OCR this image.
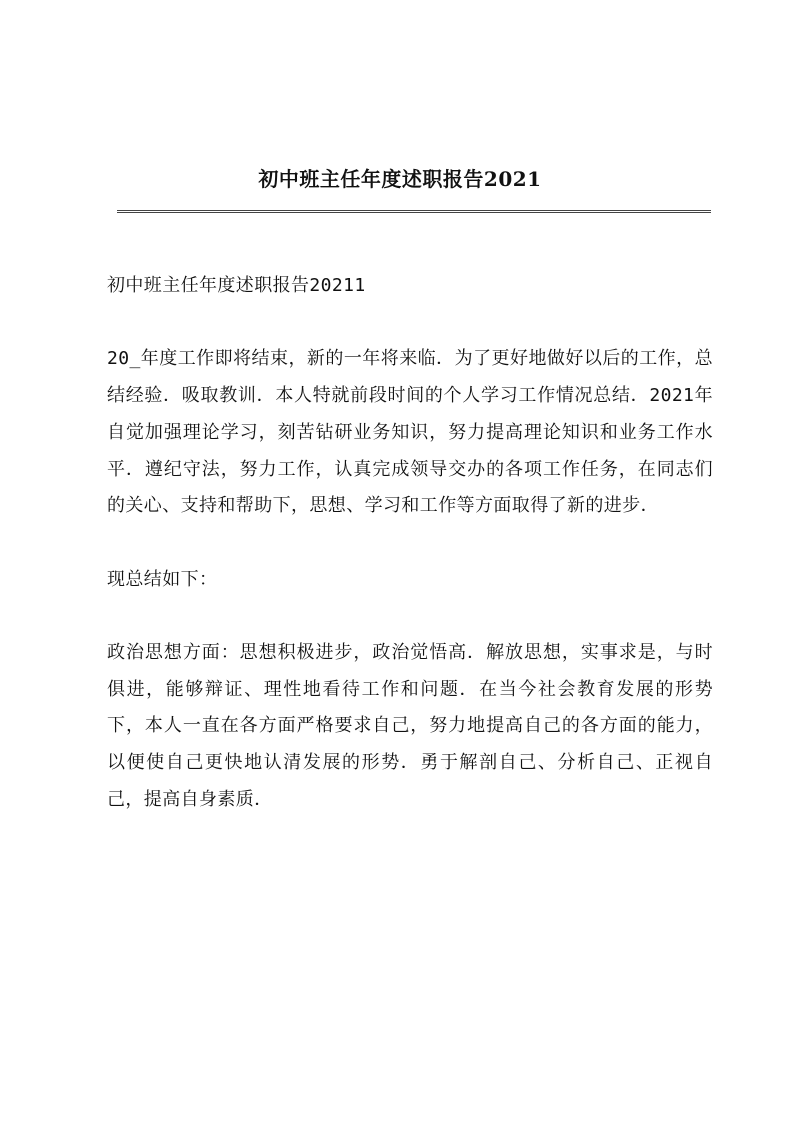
初中班主任年度述职报告2021

初中班主任年度述职报告20211

20_年度工作即将结束，新的一年将来临．为了更好地做好以后的工作，总结经验．吸取教训．本人特就前段时间的个人学习工作情况总结．2021年自觉加强理论学习，刻苦钻研业务知识，努力提高理论知识和业务工作水平．遵纪守法，努力工作，认真完成领导交办的各项工作任务，在同志们的关心、支持和帮助下，思想、学习和工作等方面取得了新的进步．

现总结如下：

政治思想方面：思想积极进步，政治觉悟高．解放思想，实事求是，与时俱进，能够辩证、理性地看待工作和问题．在当今社会教育发展的形势下，本人一直在各方面严格要求自己，努力地提高自己的各方面的能力，以便使自己更快地认清发展的形势．勇于解剖自己、分析自己、正视自己，提高自身素质．
